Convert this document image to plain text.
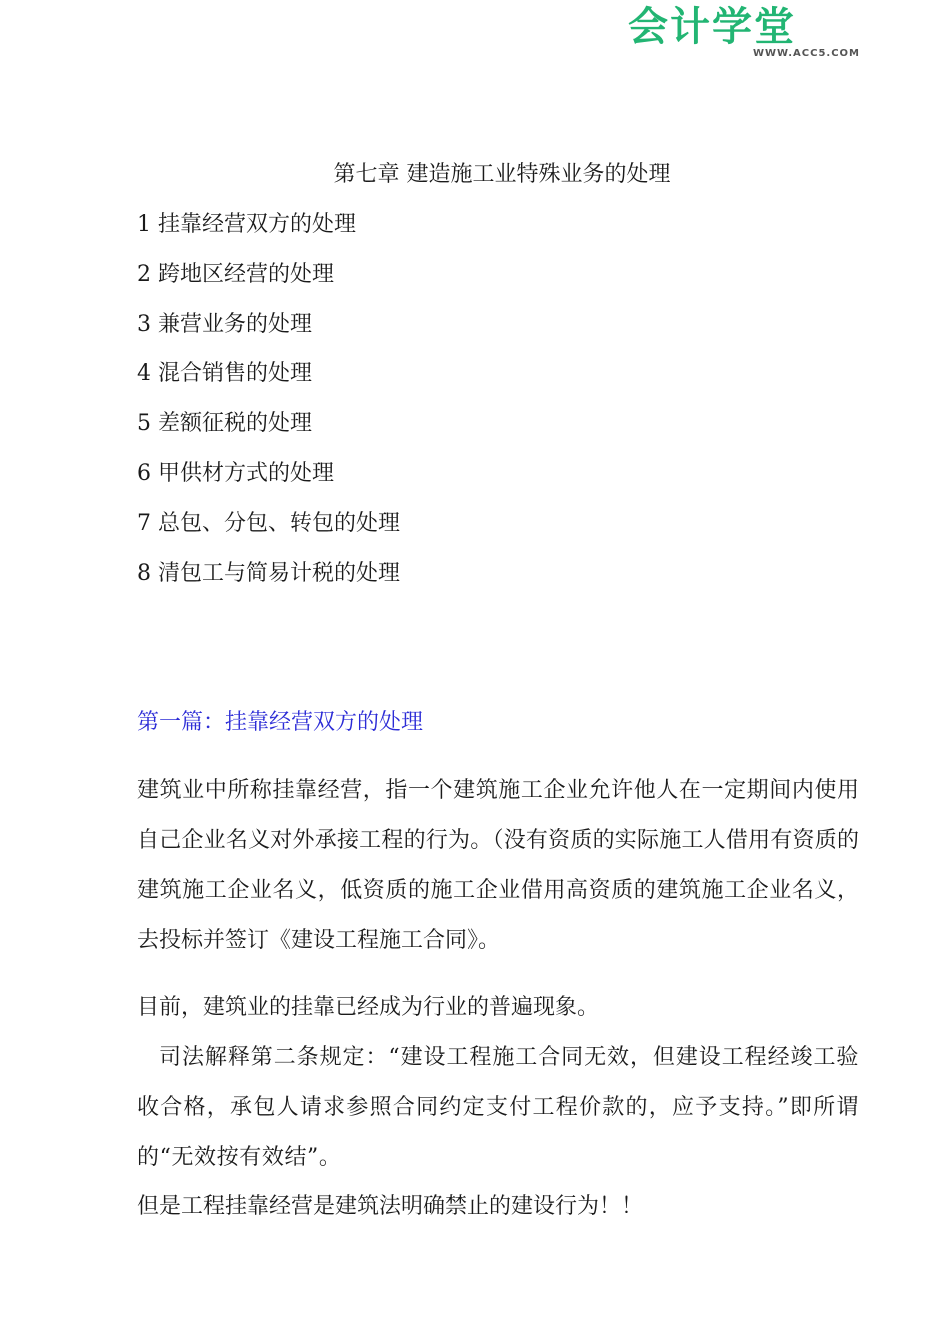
会计学堂
WWW.ACC5.COM
第七章 建造施工业特殊业务的处理
1 挂靠经营双方的处理
2 跨地区经营的处理
3 兼营业务的处理
4 混合销售的处理
5 差额征税的处理
6 甲供材方式的处理
7 总包、分包、转包的处理
8 清包工与简易计税的处理
第一篇：挂靠经营双方的处理

建筑业中所称挂靠经营，指一个建筑施工企业允许他人在一定期间内使用自己企业名义对外承接工程的行为。（没有资质的实际施工人借用有资质的建筑施工企业名义，低资质的施工企业借用高资质的建筑施工企业名义，去投标并签订《建设工程施工合同》。

目前，建筑业的挂靠已经成为行业的普遍现象。

司法解释第二条规定：“建设工程施工合同无效，但建设工程经竣工验收合格，承包人请求参照合同约定支付工程价款的，应予支持。”即所谓的“无效按有效结”。

但是工程挂靠经营是建筑法明确禁止的建设行为！！
